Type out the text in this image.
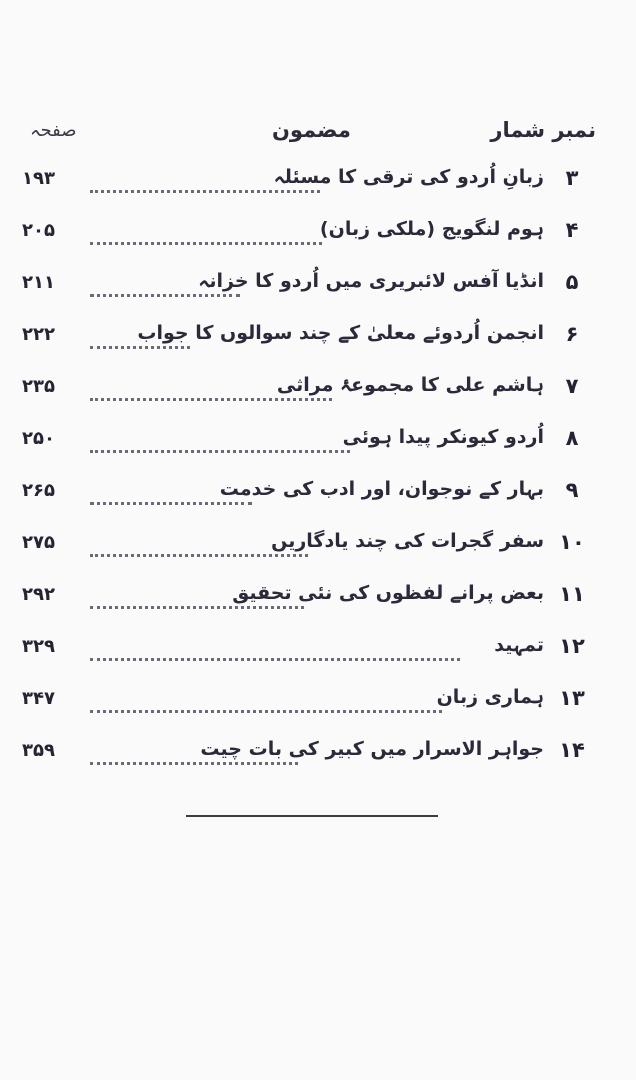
نمبر شمار
مضمون
صفحہ
۳
زبانِ اُردو کی ترقی کا مسئلہ
۱۹۳
۴
ہوم لنگویج (ملکی زبان)
۲۰۵
۵
انڈیا آفس لائبریری میں اُردو کا خزانہ
۲۱۱
۶
انجمن اُردوئے معلیٰ کے چند سوالوں کا جواب
۲۲۲
۷
ہاشم علی کا مجموعۂ مراثی
۲۳۵
۸
اُردو کیونکر پیدا ہوئی
۲۵۰
۹
بہار کے نوجوان، اور ادب کی خدمت
۲۶۵
۱۰
سفر گجرات کی چند یادگاریں
۲۷۵
۱۱
بعض پرانے لفظوں کی نئی تحقیق
۲۹۲
۱۲
تمہید
۳۲۹
۱۳
ہماری زبان
۳۴۷
۱۴
جواہر الاسرار میں کبیر کی بات چیت
۳۵۹
